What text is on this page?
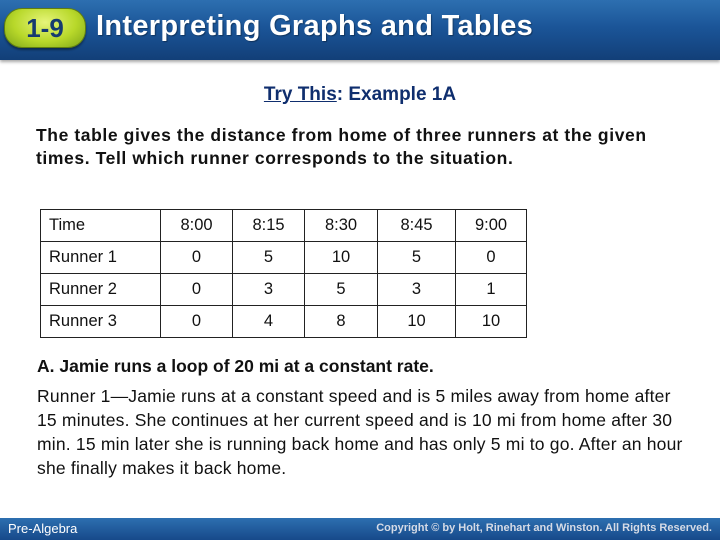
1-9	Interpreting Graphs and Tables
Try This: Example 1A
The table gives the distance from home of three runners at the given times. Tell which runner corresponds to the situation.
Time	8:00	8:15	8:30	8:45	9:00
Runner 1	0	5	10	5	0
Runner 2	0	3	5	3	1
Runner 3	0	4	8	10	10
A. Jamie runs a loop of 20 mi at a constant rate.
Runner 1—Jamie runs at a constant speed and is 5 miles away from home after 15 minutes. She continues at her current speed and is 10 mi from home after 30 min. 15 min later she is running back home and has only 5 mi to go. After an hour she finally makes it back home.
Pre-Algebra	Copyright © by Holt, Rinehart and Winston. All Rights Reserved.
